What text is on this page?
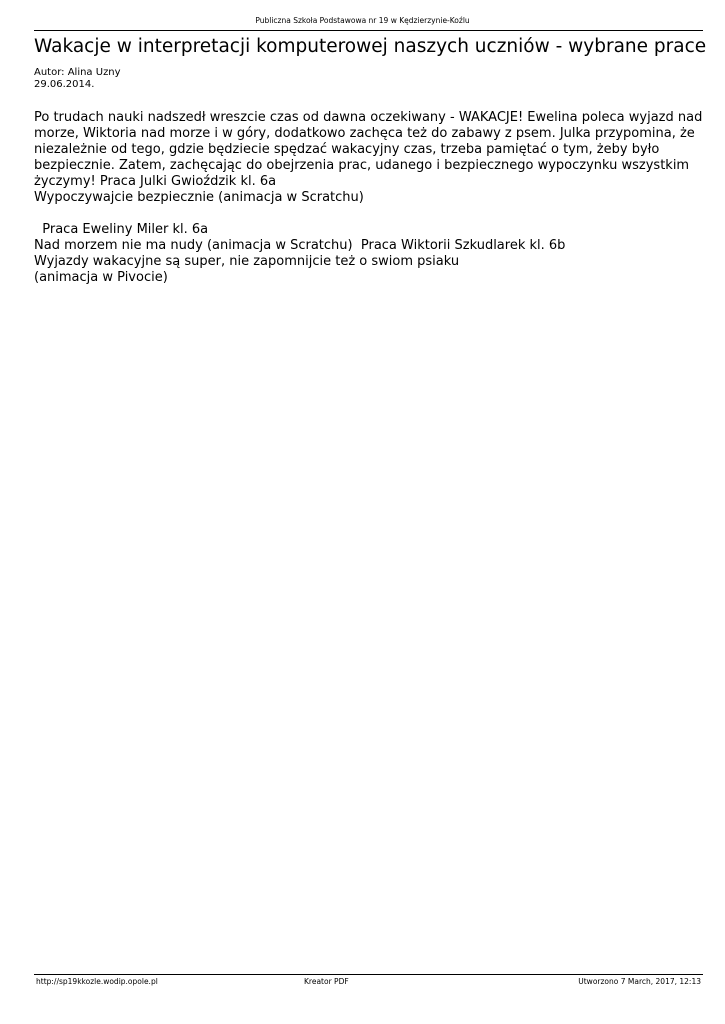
Publiczna Szkoła Podstawowa nr 19 w Kędzierzynie-Koźlu
Wakacje w interpretacji komputerowej naszych uczniów - wybrane prace
Autor: Alina Uzny
29.06.2014.
Po trudach nauki nadszedł wreszcie czas od dawna oczekiwany - WAKACJE! Ewelina poleca wyjazd nad
morze, Wiktoria nad morze i w góry, dodatkowo zachęca też do zabawy z psem. Julka przypomina, że
niezależnie od tego, gdzie będziecie spędzać wakacyjny czas, trzeba pamiętać o tym, żeby było
bezpiecznie. Zatem, zachęcając do obejrzenia prac, udanego i bezpiecznego wypoczynku wszystkim
życzymy! Praca Julki Gwioździk kl. 6a
Wypoczywajcie bezpiecznie (animacja w Scratchu)
Praca Eweliny Miler kl. 6a
Nad morzem nie ma nudy (animacja w Scratchu)  Praca Wiktorii Szkudlarek kl. 6b
Wyjazdy wakacyjne są super, nie zapomnijcie też o swiom psiaku
(animacja w Pivocie)
http://sp19kkozle.wodip.opole.pl	Kreator PDF	Utworzono 7 March, 2017, 12:13
